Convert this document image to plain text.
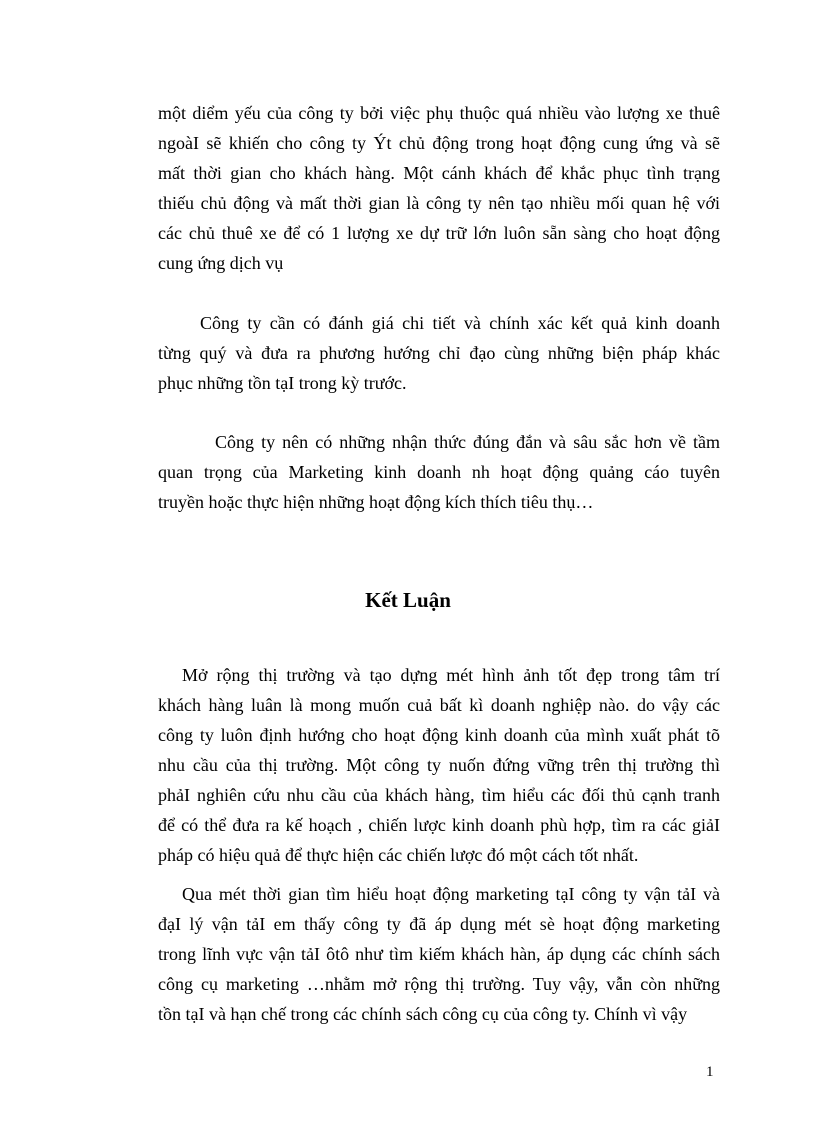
một diểm yếu của công ty bởi việc phụ thuộc quá nhiều vào lượng xe thuê
ngoàI sẽ khiến cho công ty Ýt chủ động trong hoạt động cung ứng và sẽ
mất thời gian cho khách hàng. Một cánh khách để khắc phục tình trạng
thiếu chủ động và mất thời gian là công ty nên tạo nhiều mối quan hệ với
các chủ thuê xe để có 1 lượng xe dự trữ lớn luôn sẵn sàng cho hoạt động
cung ứng dịch vụ
Công ty cần có đánh giá chi tiết và chính xác kết quả kinh doanh
từng quý và đưa ra phương hướng chỉ đạo cùng những biện pháp khác
phục những tồn tạI trong kỳ trước.
Công ty nên có những nhận thức đúng đắn và sâu sắc hơn về tầm
quan trọng của Marketing kinh doanh nh hoạt động quảng cáo tuyên
truyền hoặc thực hiện những hoạt động kích thích tiêu thụ…
Kết Luận
Mở rộng thị trường và tạo dựng mét hình ảnh tốt đẹp trong tâm trí
khách hàng luân là mong muốn cuả bất kì doanh nghiệp nào. do vậy các
công ty luôn định hướng cho hoạt động kinh doanh của mình xuất phát tõ
nhu cầu của thị trường. Một công ty nuốn đứng vững trên thị trường thì
phảI nghiên cứu nhu cầu của khách hàng, tìm hiểu các đối thủ cạnh tranh
để có thể đưa ra kế hoạch , chiến lược kinh doanh phù hợp, tìm ra các giảI
pháp có hiệu quả để thực hiện các chiến lược đó một cách tốt nhất.
Qua mét thời gian tìm hiểu hoạt động marketing tạI công ty vận tảI và
đạI lý vận tảI em thấy công ty đã áp dụng mét sè hoạt động marketing
trong lĩnh vực vận tảI ôtô như tìm kiếm khách hàn, áp dụng các chính sách
công cụ marketing …nhằm mở rộng thị trường. Tuy vậy, vẫn còn những
tồn tạI và hạn chế trong các chính sách công cụ của công ty. Chính vì vậy
1
